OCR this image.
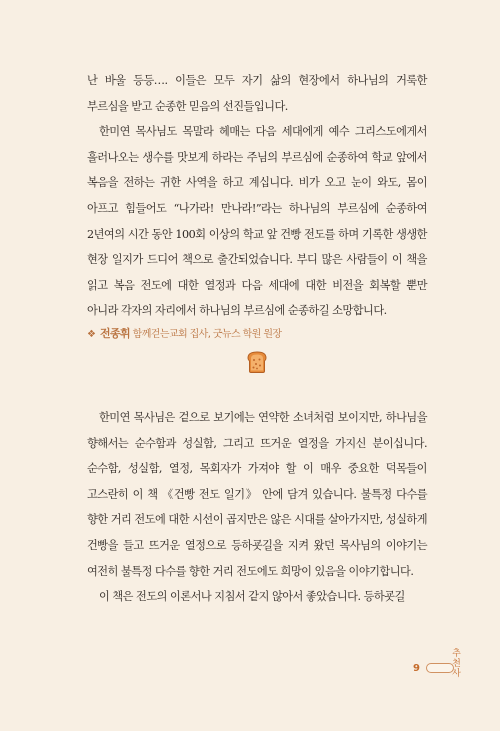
난 바울 등등…. 이들은 모두 자기 삶의 현장에서 하나님의 거룩한 부르심을 받고 순종한 믿음의 선진들입니다.

한미연 목사님도 목말라 헤매는 다음 세대에게 예수 그리스도에게서 흘러나오는 생수를 맛보게 하라는 주님의 부르심에 순종하여 학교 앞에서 복음을 전하는 귀한 사역을 하고 계십니다. 비가 오고 눈이 와도, 몸이 아프고 힘들어도 “나가라! 만나라!”라는 하나님의 부르심에 순종하여 2년여의 시간 동안 100회 이상의 학교 앞 건빵 전도를 하며 기록한 생생한 현장 일지가 드디어 책으로 출간되었습니다. 부디 많은 사람들이 이 책을 읽고 복음 전도에 대한 열정과 다음 세대에 대한 비전을 회복할 뿐만 아니라 각자의 자리에서 하나님의 부르심에 순종하길 소망합니다.

❖ 전종휘 함께걷는교회 집사, 굿뉴스 학원 원장

한미연 목사님은 겉으로 보기에는 연약한 소녀처럼 보이지만, 하나님을 향해서는 순수함과 성실함, 그리고 뜨거운 열정을 가지신 분이십니다. 순수함, 성실함, 열정, 목회자가 가져야 할 이 매우 중요한 덕목들이 고스란히 이 책 《건빵 전도 일기》 안에 담겨 있습니다. 불특정 다수를 향한 거리 전도에 대한 시선이 곱지만은 않은 시대를 살아가지만, 성실하게 건빵을 들고 뜨거운 열정으로 등하굣길을 지켜 왔던 목사님의 이야기는 여전히 불특정 다수를 향한 거리 전도에도 희망이 있음을 이야기합니다.

이 책은 전도의 이론서나 지침서 같지 않아서 좋았습니다. 등하굣길

9	추천사
